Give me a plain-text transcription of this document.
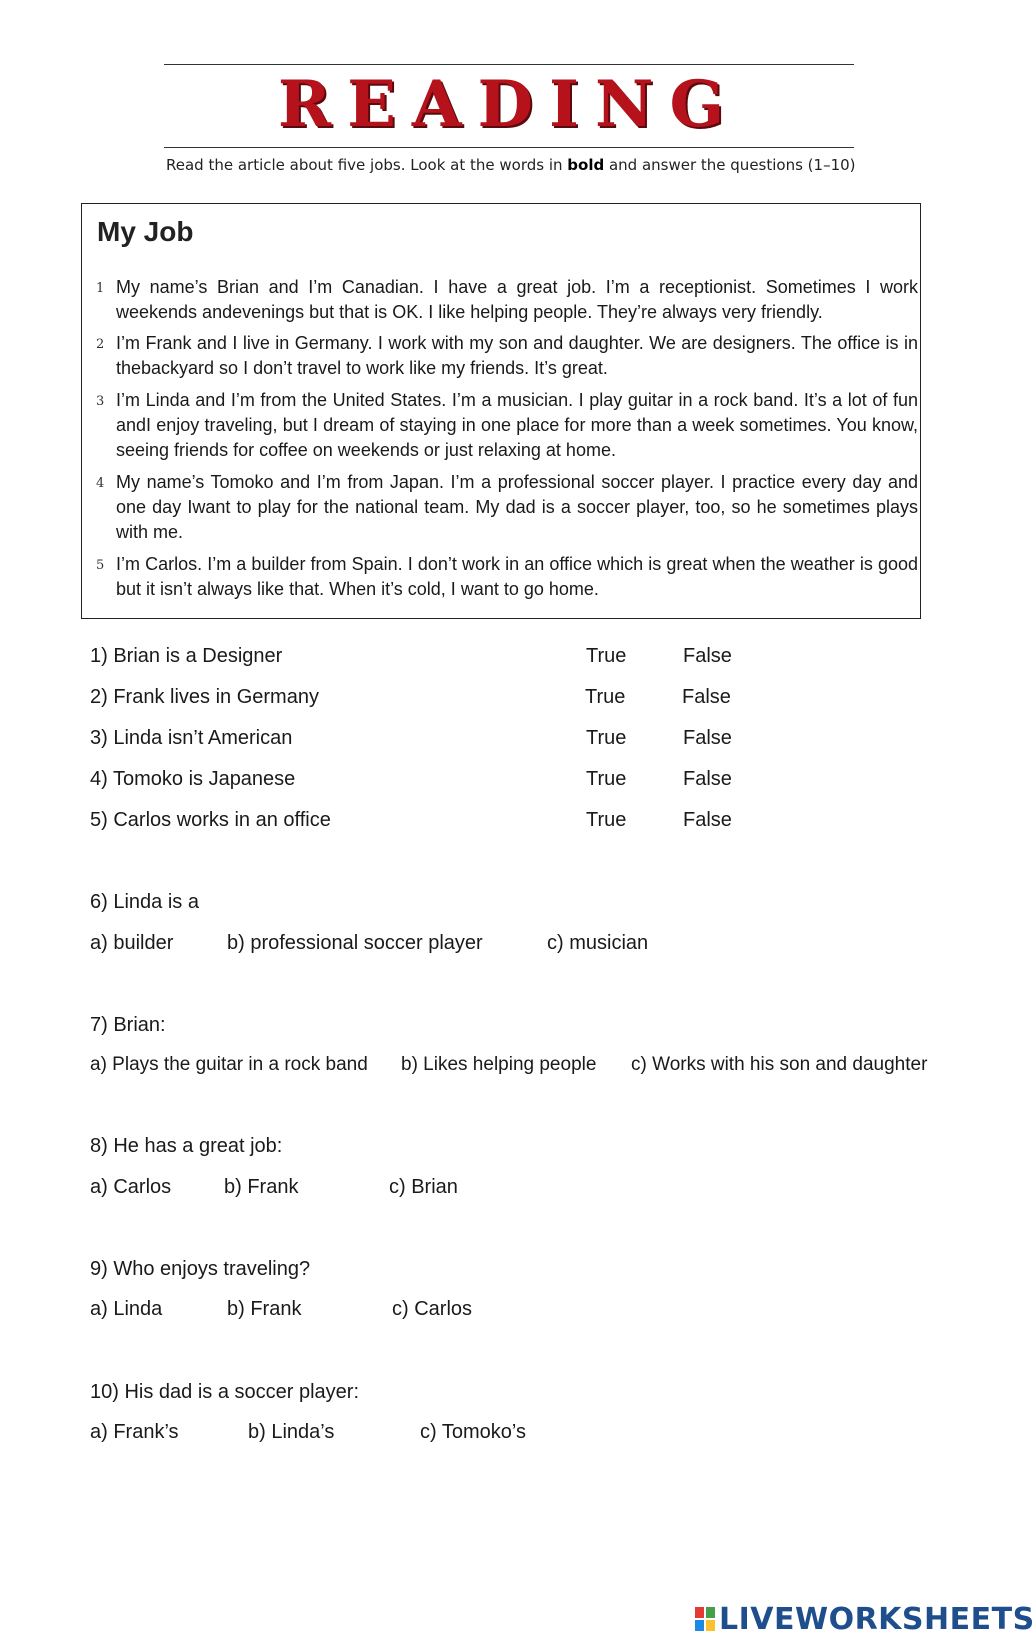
READING
Read the article about five jobs. Look at the words in bold and answer the questions (1–10)
My Job
1 My name’s Brian and I’m Canadian. I have a great job. I’m a receptionist. Sometimes I work weekends andevenings but that is OK. I like helping people. They’re always very friendly.
2 I’m Frank and I live in Germany. I work with my son and daughter. We are designers. The office is in thebackyard so I don’t travel to work like my friends. It’s great.
3 I’m Linda and I’m from the United States. I’m a musician. I play guitar in a rock band. It’s a lot of fun andI enjoy traveling, but I dream of staying in one place for more than a week sometimes. You know, seeing friends for coffee on weekends or just relaxing at home.
4 My name’s Tomoko and I’m from Japan. I’m a professional soccer player. I practice every day and one day Iwant to play for the national team. My dad is a soccer player, too, so he sometimes plays with me.
5 I’m Carlos. I’m a builder from Spain. I don’t work in an office which is great when the weather is good but it isn’t always like that. When it’s cold, I want to go home.
1) Brian is a Designer	True	False
2) Frank lives in Germany	True	False
3) Linda isn’t American	True	False
4) Tomoko is Japanese	True	False
5) Carlos works in an office	True	False
6) Linda is a
a) builder	b) professional soccer player	c) musician
7) Brian:
a) Plays the guitar in a rock band b) Likes helping people c) Works with his son and daughter
8) He has a great job:
a) Carlos	b) Frank	c) Brian
9) Who enjoys traveling?
a) Linda	b) Frank	c) Carlos
10) His dad is a soccer player:
a) Frank’s	b) Linda’s	c) Tomoko’s
LIVEWORKSHEETS
